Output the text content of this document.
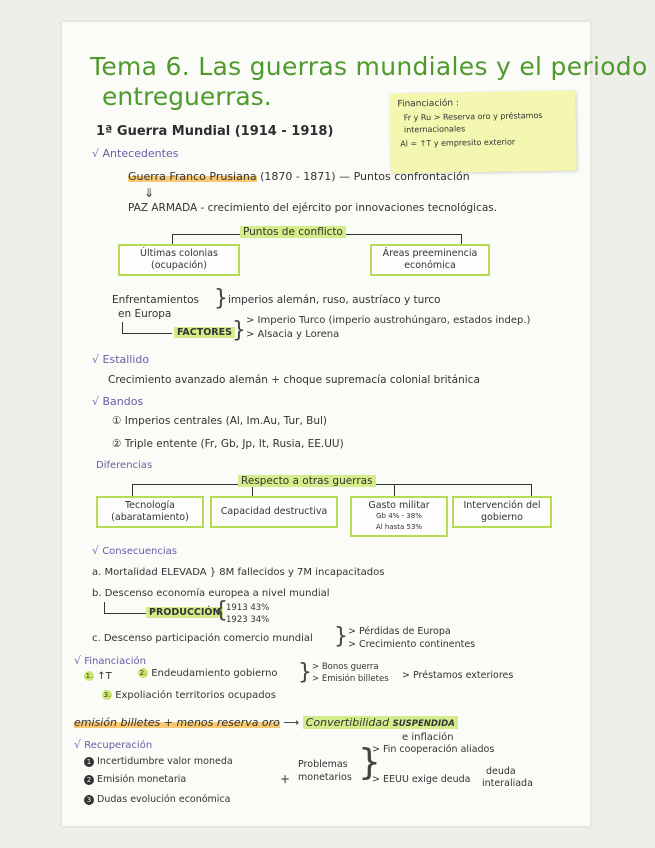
Tema 6. Las guerras mundiales y el periodo
entreguerras.	Financiación :
Fr y Ru > Reserva oro y préstamos
internacionales
Al = ↑T y empresito exterior
1ª Guerra Mundial (1914 - 1918)
√ Antecedentes
Guerra Franco Prusiana (1870 - 1871) — Puntos confrontación
⇓
PAZ ARMADA - crecimiento del ejército por innovaciones tecnológicas.
Puntos de conflicto
Últimas colonias (ocupación)
Áreas preeminencia económica
Enfrentamientos
en Europa
} imperios alemán, ruso, austríaco y turco
FACTORES } > Imperio Turco (imperio austrohúngaro, estados indep.)
> Alsacia y Lorena
√ Estallido
Crecimiento avanzado alemán + choque supremacía colonial británica
√ Bandos
① Imperios centrales (Al, Im.Au, Tur, Bul)
② Triple entente (Fr, Gb, Jp, It, Rusia, EE.UU)
Diferencias
Respecto a otras guerras
Tecnología (abaratamiento)
Capacidad destructiva
Gasto militar
Gb 4% - 38%
Al hasta 53%
Intervención del gobierno
√ Consecuencias
a. Mortalidad ELEVADA } 8M fallecidos y 7M incapacitados
b. Descenso economía europea a nivel mundial
PRODUCCIÓN
{
1913 43%
1923 34%
c. Descenso participación comercio mundial } > Pérdidas de Europa
> Crecimiento continentes
√ Financiación
1. ↑T	2. Endeudamiento gobierno } > Bonos guerra
> Emisión billetes > Préstamos exteriores
3. Expoliación territorios ocupados
emisión billetes + menos reserva oro ⟶ Convertibilidad SUSPENDIDA
e inflación
√ Recuperación
1 Incertidumbre valor moneda
2 Emisión monetaria
3 Dudas evolución económica
+
Problemas
monetarios }
> Fin cooperación aliados
> EEUU exige deuda
deuda
interaliada
